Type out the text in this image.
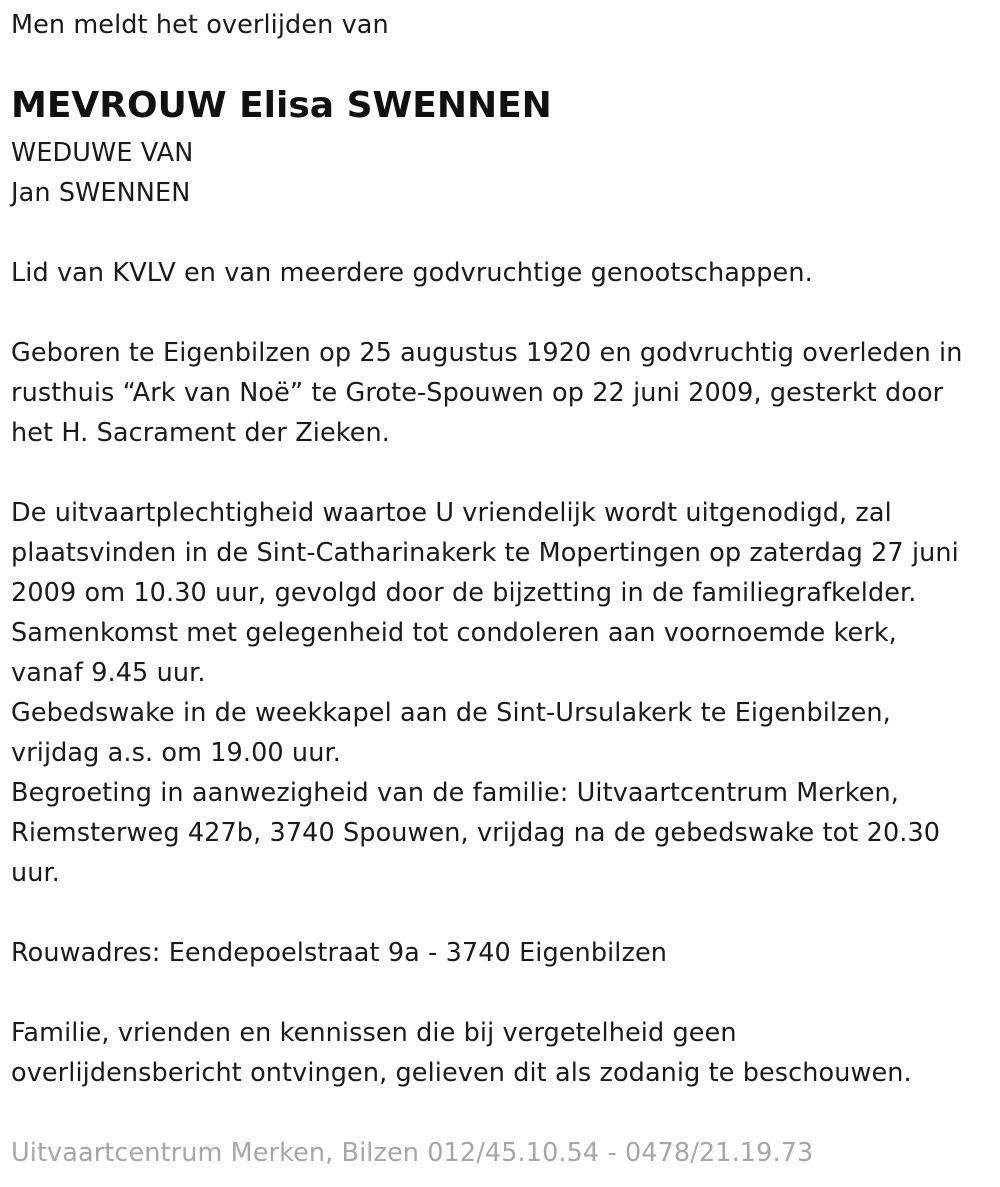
Men meldt het overlijden van
MEVROUW Elisa SWENNEN
WEDUWE VAN
Jan SWENNEN
Lid van KVLV en van meerdere godvruchtige genootschappen.
Geboren te Eigenbilzen op 25 augustus 1920 en godvruchtig overleden in
rusthuis “Ark van Noë” te Grote-Spouwen op 22 juni 2009, gesterkt door
het H. Sacrament der Zieken.
De uitvaartplechtigheid waartoe U vriendelijk wordt uitgenodigd, zal
plaatsvinden in de Sint-Catharinakerk te Mopertingen op zaterdag 27 juni
2009 om 10.30 uur, gevolgd door de bijzetting in de familiegrafkelder.
Samenkomst met gelegenheid tot condoleren aan voornoemde kerk,
vanaf 9.45 uur.
Gebedswake in de weekkapel aan de Sint-Ursulakerk te Eigenbilzen,
vrijdag a.s. om 19.00 uur.
Begroeting in aanwezigheid van de familie: Uitvaartcentrum Merken,
Riemsterweg 427b, 3740 Spouwen, vrijdag na de gebedswake tot 20.30
uur.
Rouwadres: Eendepoelstraat 9a - 3740 Eigenbilzen
Familie, vrienden en kennissen die bij vergetelheid geen
overlijdensbericht ontvingen, gelieven dit als zodanig te beschouwen.
Uitvaartcentrum Merken, Bilzen 012/45.10.54 - 0478/21.19.73
